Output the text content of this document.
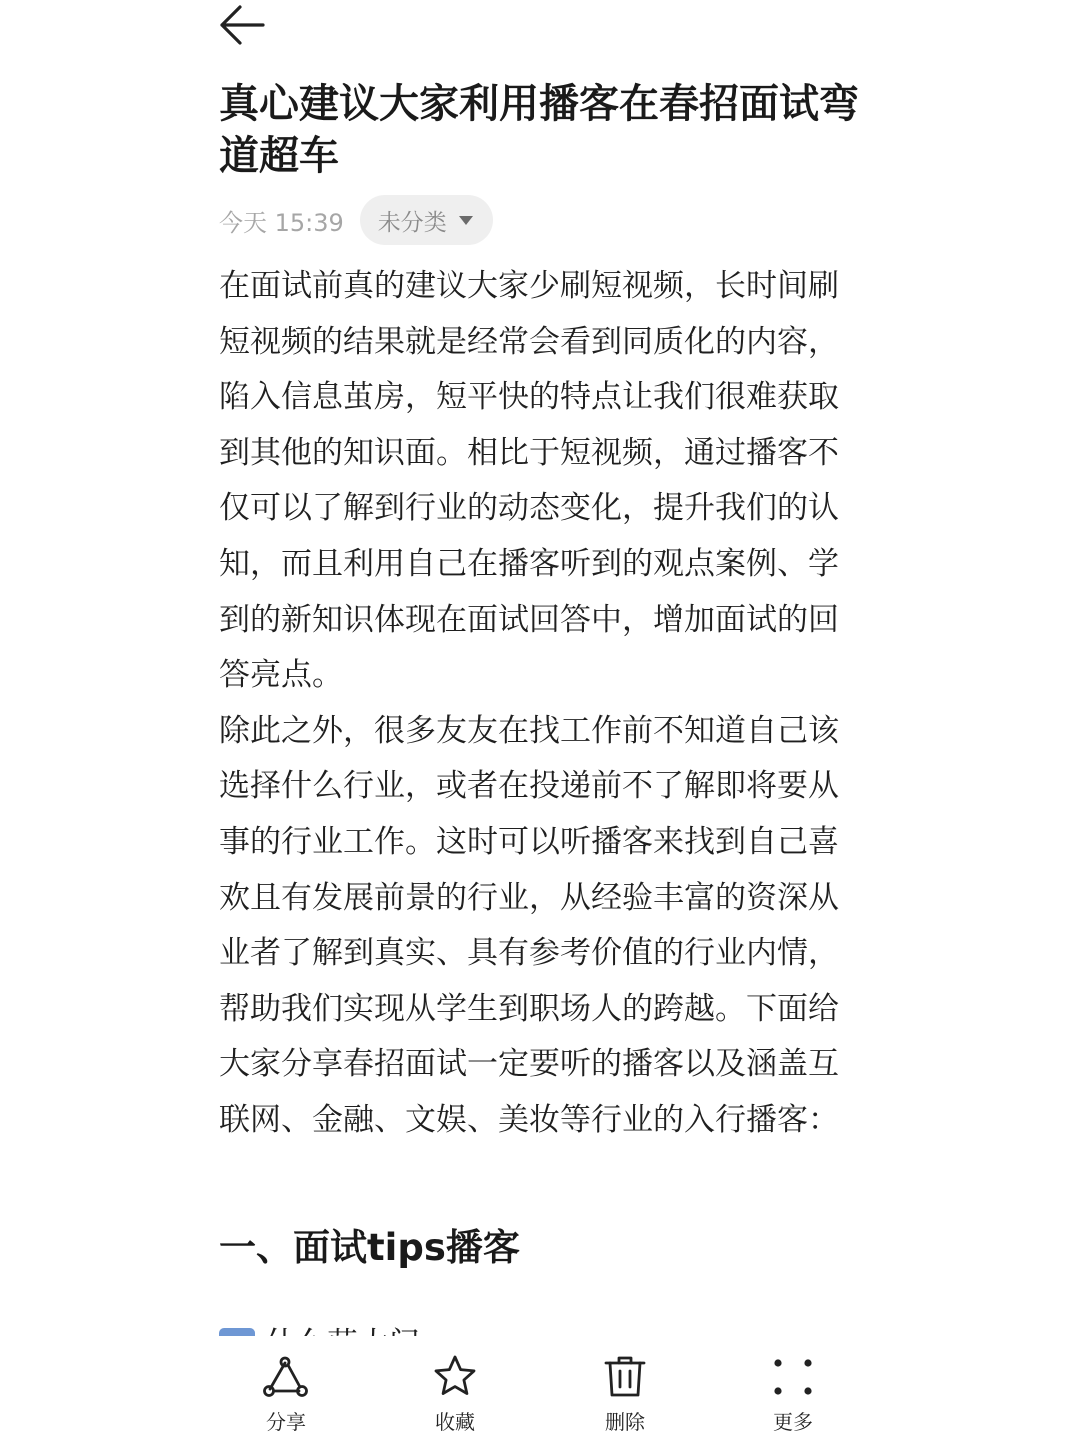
真心建议大家利用播客在春招面试弯道超车
今天 15:39 未分类

在面试前真的建议大家少刷短视频，长时间刷短视频的结果就是经常会看到同质化的内容，陷入信息茧房，短平快的特点让我们很难获取到其他的知识面。相比于短视频，通过播客不仅可以了解到行业的动态变化，提升我们的认知，而且利用自己在播客听到的观点案例、学到的新知识体现在面试回答中，增加面试的回答亮点。

除此之外，很多友友在找工作前不知道自己该选择什么行业，或者在投递前不了解即将要从事的行业工作。这时可以听播客来找到自己喜欢且有发展前景的行业，从经验丰富的资深从业者了解到真实、具有参考价值的行业内情，帮助我们实现从学生到职场人的跨越。下面给大家分享春招面试一定要听的播客以及涵盖互联网、金融、文娱、美妆等行业的入行播客：

一、面试tips播客
分享	收藏	删除	更多
